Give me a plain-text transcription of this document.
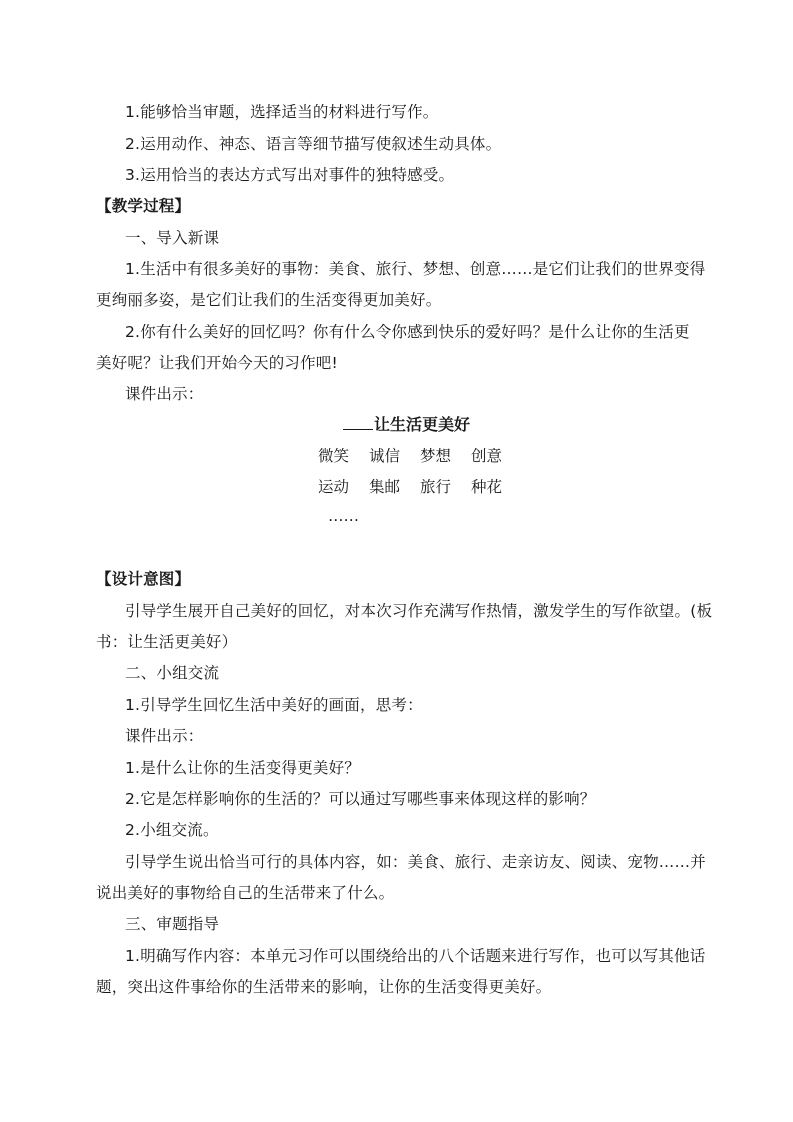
1.能够恰当审题，选择适当的材料进行写作。
2.运用动作、神态、语言等细节描写使叙述生动具体。
3.运用恰当的表达方式写出对事件的独特感受。
【教学过程】
一、导入新课
1.生活中有很多美好的事物：美食、旅行、梦想、创意……是它们让我们的世界变得
更绚丽多姿，是它们让我们的生活变得更加美好。
2.你有什么美好的回忆吗？你有什么令你感到快乐的爱好吗？是什么让你的生活更
美好呢？让我们开始今天的习作吧!
课件出示：
让生活更美好
微笑 诚信 梦想 创意
运动 集邮 旅行 种花
……
【设计意图】
引导学生展开自己美好的回忆，对本次习作充满写作热情，激发学生的写作欲望。(板
书：让生活更美好）
二、小组交流
1.引导学生回忆生活中美好的画面，思考：
课件出示：
1.是什么让你的生活变得更美好？
2.它是怎样影响你的生活的？可以通过写哪些事来体现这样的影响？
2.小组交流。
引导学生说出恰当可行的具体内容，如：美食、旅行、走亲访友、阅读、宠物……并
说出美好的事物给自己的生活带来了什么。
三、审题指导
1.明确写作内容：本单元习作可以围绕给出的八个话题来进行写作，也可以写其他话
题，突出这件事给你的生活带来的影响，让你的生活变得更美好。
